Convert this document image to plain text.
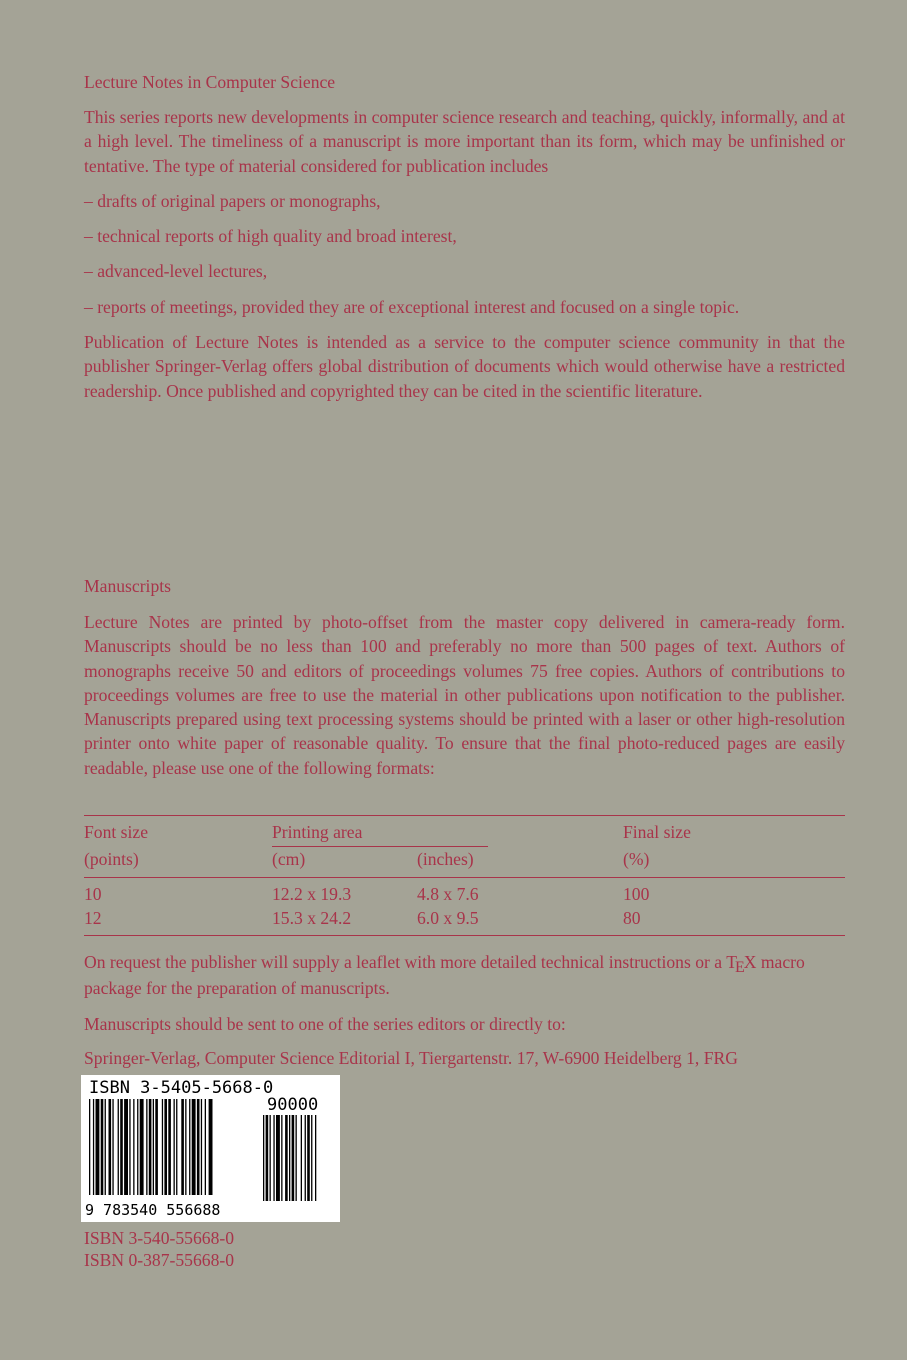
Lecture Notes in Computer Science

This series reports new developments in computer science research and teaching, quickly, informally, and at a high level. The timeliness of a manuscript is more important than its form, which may be unfinished or tentative. The type of material considered for publication includes

– drafts of original papers or monographs,

– technical reports of high quality and broad interest,

– advanced-level lectures,

– reports of meetings, provided they are of exceptional interest and focused on a single topic.

Publication of Lecture Notes is intended as a service to the computer science community in that the publisher Springer-Verlag offers global distribution of documents which would otherwise have a restricted readership. Once published and copyrighted they can be cited in the scientific literature.

Manuscripts

Lecture Notes are printed by photo-offset from the master copy delivered in camera-ready form. Manuscripts should be no less than 100 and preferably no more than 500 pages of text. Authors of monographs receive 50 and editors of proceedings volumes 75 free copies. Authors of contributions to proceedings volumes are free to use the material in other publications upon notification to the publisher. Manuscripts prepared using text processing systems should be printed with a laser or other high-resolution printer onto white paper of reasonable quality. To ensure that the final photo-reduced pages are easily readable, please use one of the following formats:

Font size	Printing area	Final size
(points)	(cm)	(inches)	(%)
10	12.2 x 19.3	4.8 x 7.6	100
12	15.3 x 24.2	6.0 x 9.5	80

On request the publisher will supply a leaflet with more detailed technical instructions or a TEX macro package for the preparation of manuscripts.

Manuscripts should be sent to one of the series editors or directly to:

Springer-Verlag, Computer Science Editorial I, Tiergartenstr. 17, W-6900 Heidelberg 1, FRG

ISBN 3-5405-5668-0
90000
9 783540 556688
ISBN 3-540-55668-0
ISBN 0-387-55668-0
